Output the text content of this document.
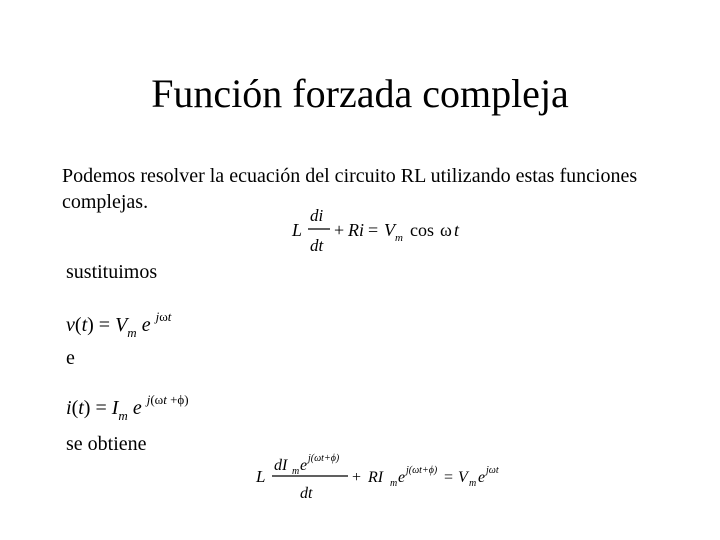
Función forzada compleja
Podemos resolver la ecuación del circuito RL utilizando estas funciones complejas.
L
di
dt
+ Ri = V m cos ω t
sustituimos
$v(t) = V_m$ e $^{j\omega t}$
e
$i(t) = I_m$ e $^{j(\omega t +\phi)}$
se obtiene
L
dI m e j(ωt+ϕ)
dt
+ RI m e j(ωt+ϕ) = V m e jωt
